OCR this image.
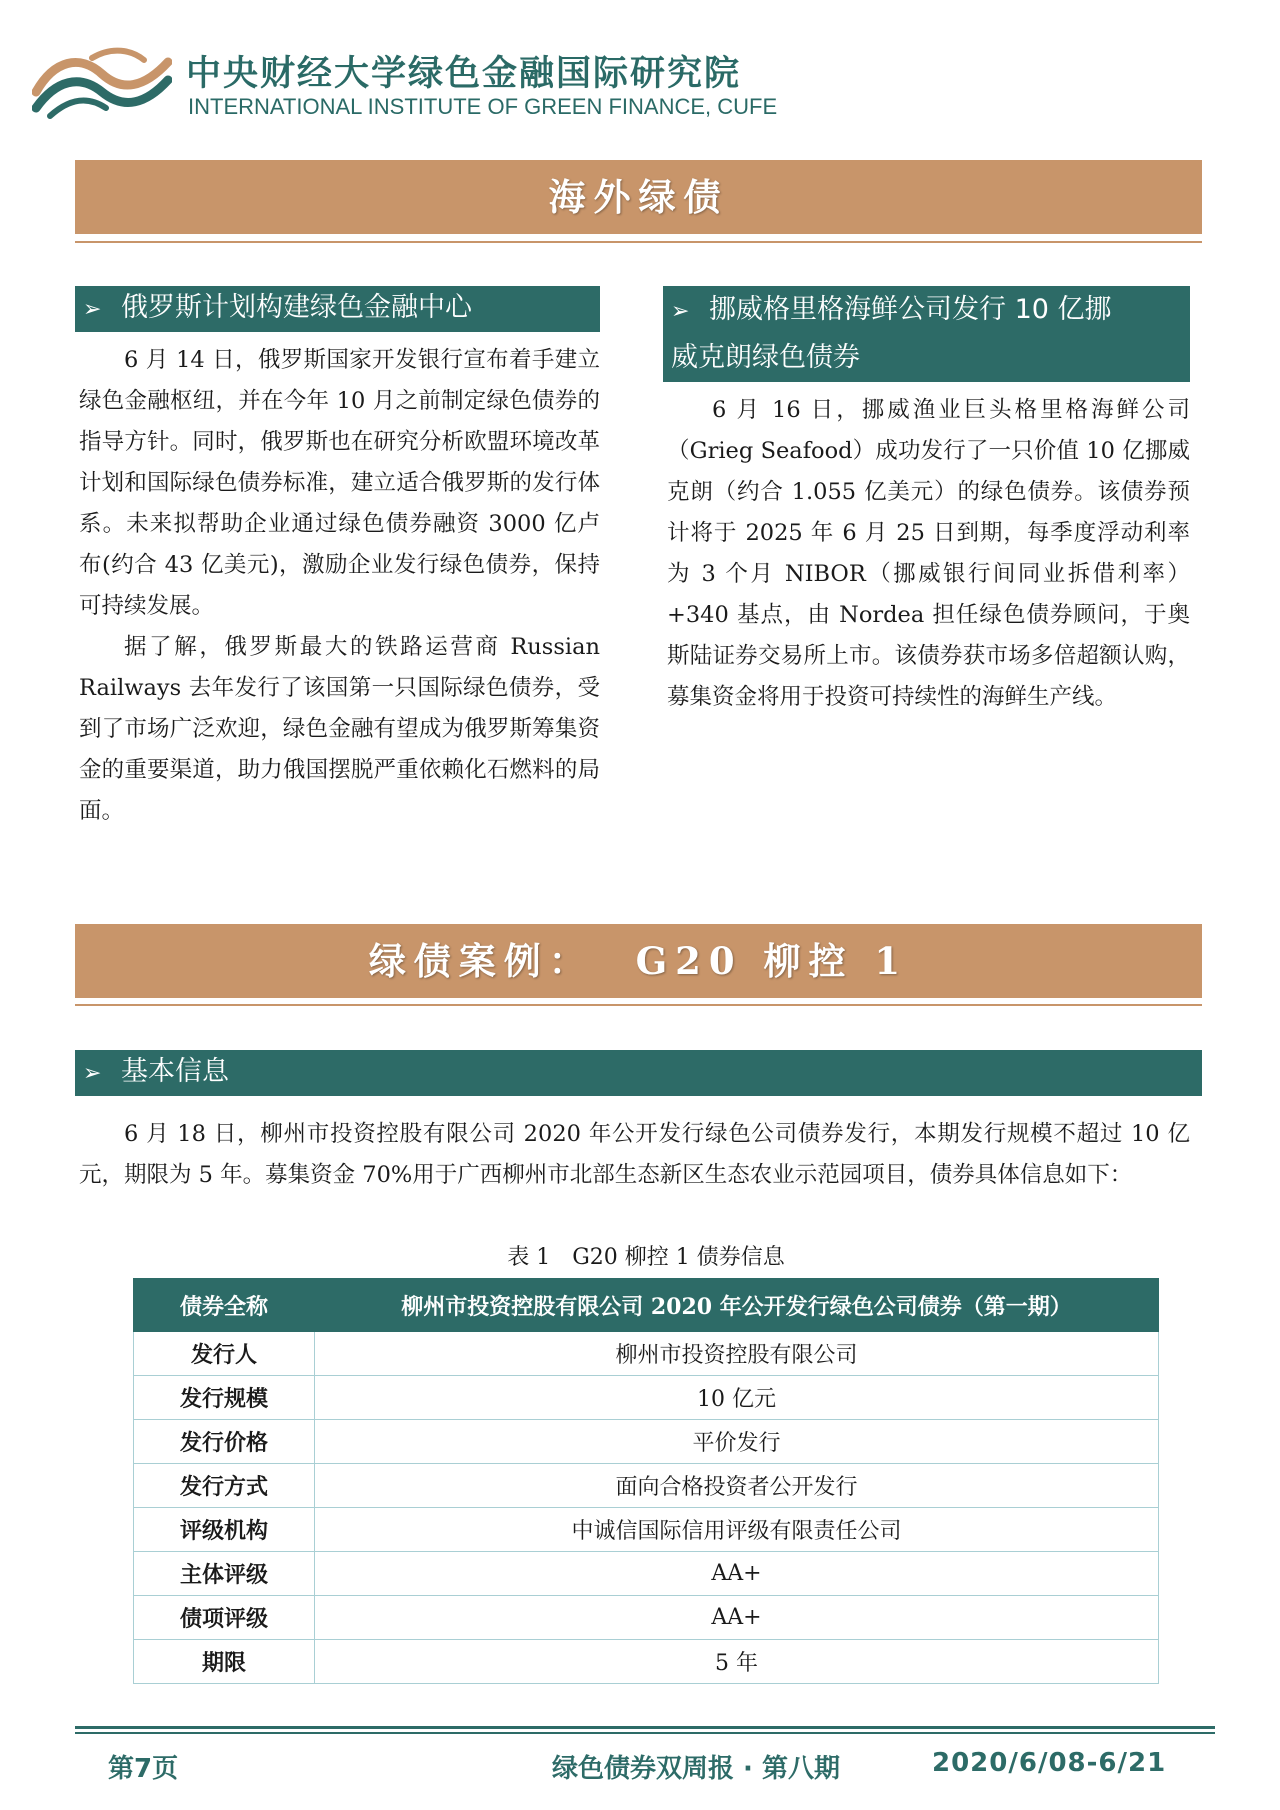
中央财经大学绿色金融国际研究院
INTERNATIONAL INSTITUTE OF GREEN FINANCE, CUFE
海外绿债
➢ 俄罗斯计划构建绿色金融中心

6 月 14 日，俄罗斯国家开发银行宣布着手建立绿色金融枢纽，并在今年 10 月之前制定绿色债券的指导方针。同时，俄罗斯也在研究分析欧盟环境改革计划和国际绿色债券标准，建立适合俄罗斯的发行体系。未来拟帮助企业通过绿色债券融资 3000 亿卢布(约合 43 亿美元)，激励企业发行绿色债券，保持可持续发展。

据了解，俄罗斯最大的铁路运营商 Russian Railways 去年发行了该国第一只国际绿色债券，受到了市场广泛欢迎，绿色金融有望成为俄罗斯筹集资金的重要渠道，助力俄国摆脱严重依赖化石燃料的局面。

➢ 挪威格里格海鲜公司发行 10 亿挪
威克朗绿色债券

6 月 16 日，挪威渔业巨头格里格海鲜公司（Grieg Seafood）成功发行了一只价值 10 亿挪威克朗（约合 1.055 亿美元）的绿色债券。该债券预计将于 2025 年 6 月 25 日到期，每季度浮动利率为 3 个月 NIBOR（挪威银行间同业拆借利率）+340 基点，由 Nordea 担任绿色债券顾问，于奥斯陆证券交易所上市。该债券获市场多倍超额认购，募集资金将用于投资可持续性的海鲜生产线。

绿债案例：  G20 柳控 1
➢ 基本信息

6 月 18 日，柳州市投资控股有限公司 2020 年公开发行绿色公司债券发行，本期发行规模不超过 10 亿元，期限为 5 年。募集资金 70%用于广西柳州市北部生态新区生态农业示范园项目，债券具体信息如下：

表 1　G20 柳控 1 债券信息
债券全称	柳州市投资控股有限公司 2020 年公开发行绿色公司债券（第一期）
发行人	柳州市投资控股有限公司
发行规模	10 亿元
发行价格	平价发行
发行方式	面向合格投资者公开发行
评级机构	中诚信国际信用评级有限责任公司
主体评级	AA+
债项评级	AA+
期限	5 年
第7页	绿色债券双周报 · 第八期	2020/6/08-6/21
